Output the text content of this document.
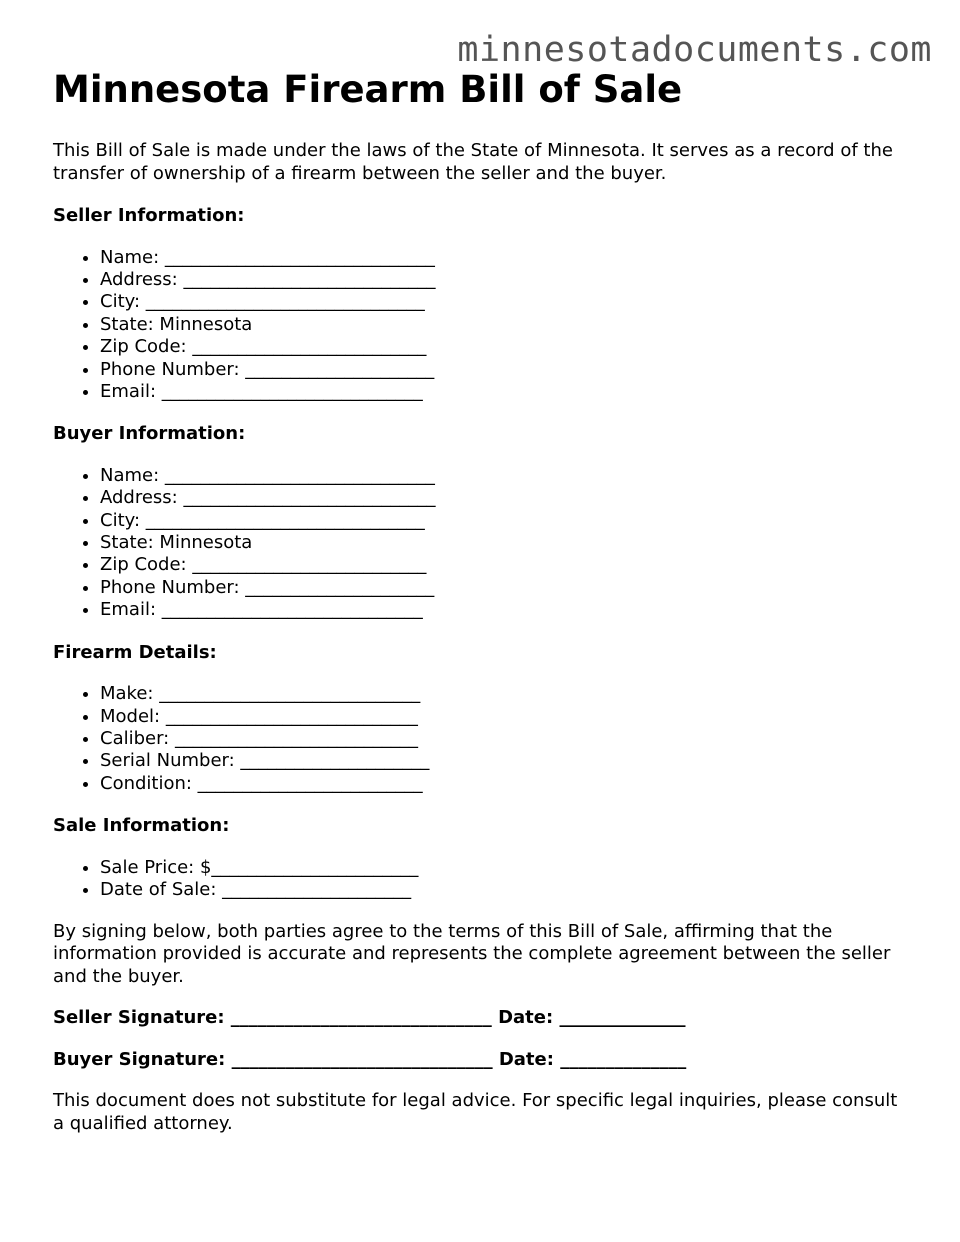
minnesotadocuments.com
Minnesota Firearm Bill of Sale

This Bill of Sale is made under the laws of the State of Minnesota. It serves as a record of the transfer of ownership of a firearm between the seller and the buyer.

Seller Information:
• Name: ______________________________
• Address: ____________________________
• City: _______________________________
• State: Minnesota
• Zip Code: __________________________
• Phone Number: _____________________
• Email: _____________________________
Buyer Information:
• Name: ______________________________
• Address: ____________________________
• City: _______________________________
• State: Minnesota
• Zip Code: __________________________
• Phone Number: _____________________
• Email: _____________________________
Firearm Details:
• Make: _____________________________
• Model: ____________________________
• Caliber: ___________________________
• Serial Number: _____________________
• Condition: _________________________
Sale Information:
• Sale Price: $_______________________
• Date of Sale: _____________________

By signing below, both parties agree to the terms of this Bill of Sale, affirming that the information provided is accurate and represents the complete agreement between the seller and the buyer.

Seller Signature: _____________________________ Date: ______________
Buyer Signature: _____________________________ Date: ______________

This document does not substitute for legal advice. For specific legal inquiries, please consult a qualified attorney.
